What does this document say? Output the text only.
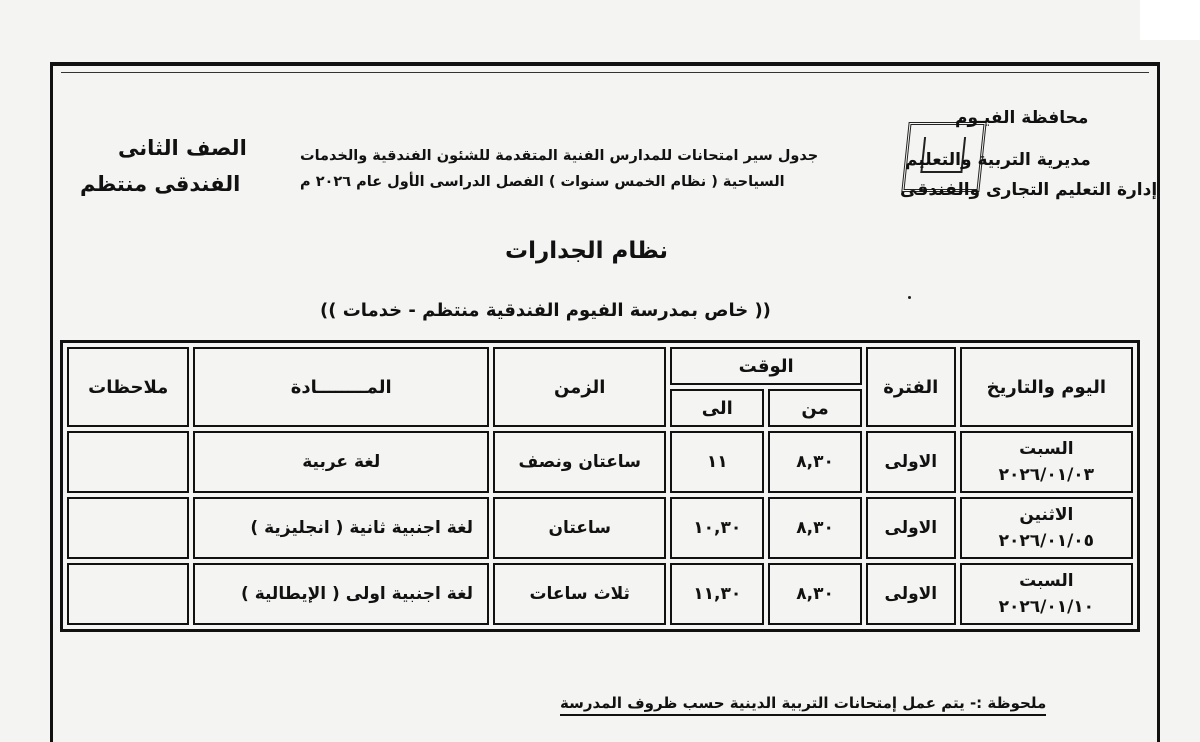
محافظة الفيـوم
مديرية التربية والتعليم
إدارة التعليم التجارى والفندقى
جدول سير امتحانات للمدارس الفنية المتقدمة للشئون الفندقية والخدمات
السياحية ( نظام الخمس سنوات ) الفصل الدراسى الأول عام ٢٠٢٦ م
الصف الثانى
الفندقى منتظم
نظام الجدارات
(( خاص بمدرسة الفيوم الفندقية منتظم - خدمات ))
اليوم والتاريخ	الفترة	الوقت		الزمن	المــــــــادة	ملاحظات
		من	الى			

السبت
٢٠٢٦/٠١/٠٣	الاولى	٨,٣٠	١١	ساعتان ونصف	لغة عربية	

الاثنين
٢٠٢٦/٠١/٠٥	الاولى	٨,٣٠	١٠,٣٠	ساعتان	لغة اجنبية ثانية ( انجليزية )	

السبت
٢٠٢٦/٠١/١٠	الاولى	٨,٣٠	١١,٣٠	ثلاث ساعات	لغة اجنبية اولى ( الإيطالية )	
ملحوظة :- يتم عمل إمتحانات التربية الدينية حسب ظروف المدرسة
